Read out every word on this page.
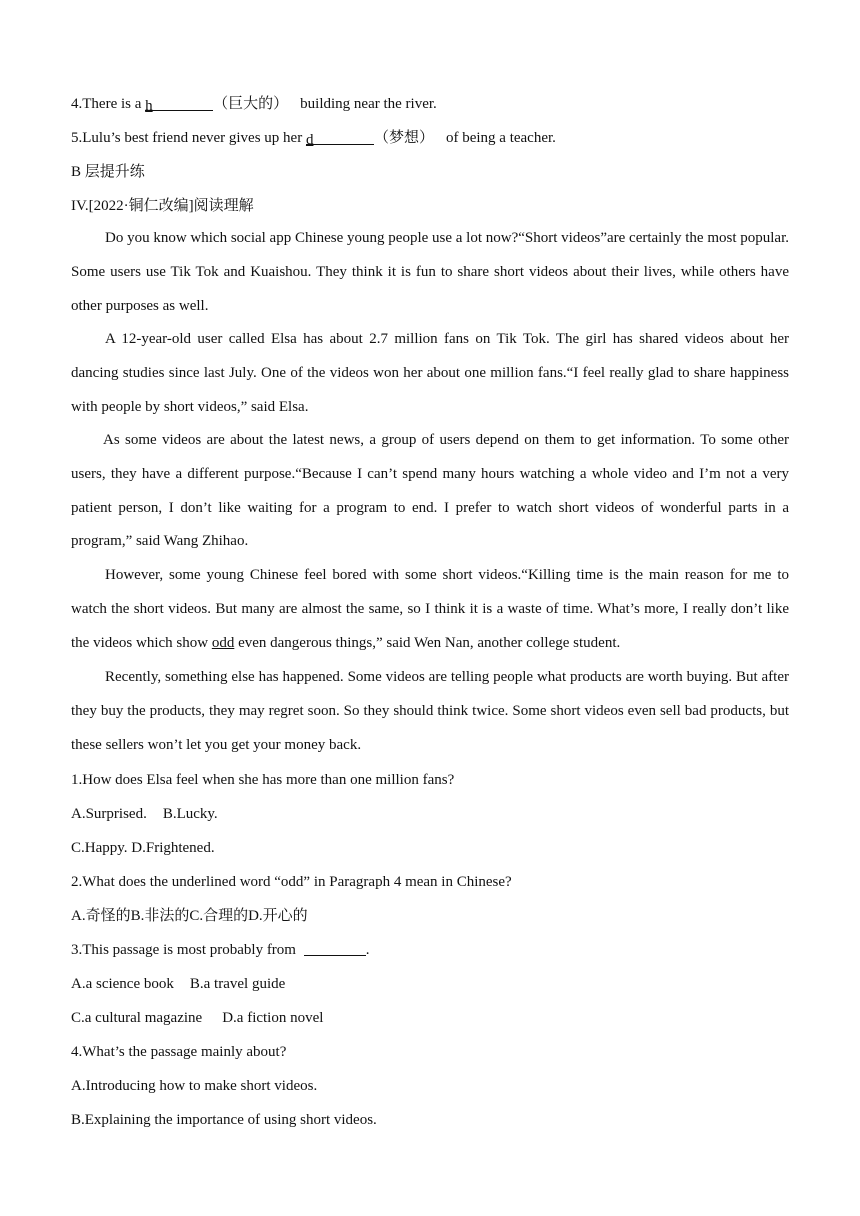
4.There is a h	（巨大的） building near the river.
5.Lulu’s best friend never gives up her d	（梦想） of being a teacher.
B 层提升练
IV.[2022·铜仁改编]阅读理解
Do you know which social app Chinese young people use a lot now?“Short videos”are certainly the most popular. Some users use Tik Tok and Kuaishou. They think it is fun to share short videos about their lives, while others have other purposes as well.
A 12-year-old user called Elsa has about 2.7 million fans on Tik Tok. The girl has shared videos about her dancing studies since last July. One of the videos won her about one million fans.“I feel really glad to share happiness with people by short videos,” said Elsa.
As some videos are about the latest news, a group of users depend on them to get information. To some other users, they have a different purpose.“Because I can’t spend many hours watching a whole video and I’m not a very patient person, I don’t like waiting for a program to end. I prefer to watch short videos of wonderful parts in a program,” said Wang Zhihao.
However, some young Chinese feel bored with some short videos.“Killing time is the main reason for me to watch the short videos. But many are almost the same, so I think it is a waste of time. What’s more, I really don’t like the videos which show odd even dangerous things,” said Wen Nan, another college student.
Recently, something else has happened. Some videos are telling people what products are worth buying. But after they buy the products, they may regret soon. So they should think twice. Some short videos even sell bad products, but these sellers won’t let you get your money back.
1.How does Elsa feel when she has more than one million fans?
A.Surprised. B.Lucky.
C.Happy. D.Frightened.
2.What does the underlined word “odd” in Paragraph 4 mean in Chinese?
A.奇怪的B.非法的C.合理的D.开心的
3.This passage is most probably from	.
A.a science book B.a travel guide
C.a cultural magazine D.a fiction novel
4.What’s the passage mainly about?
A.Introducing how to make short videos.
B.Explaining the importance of using short videos.
